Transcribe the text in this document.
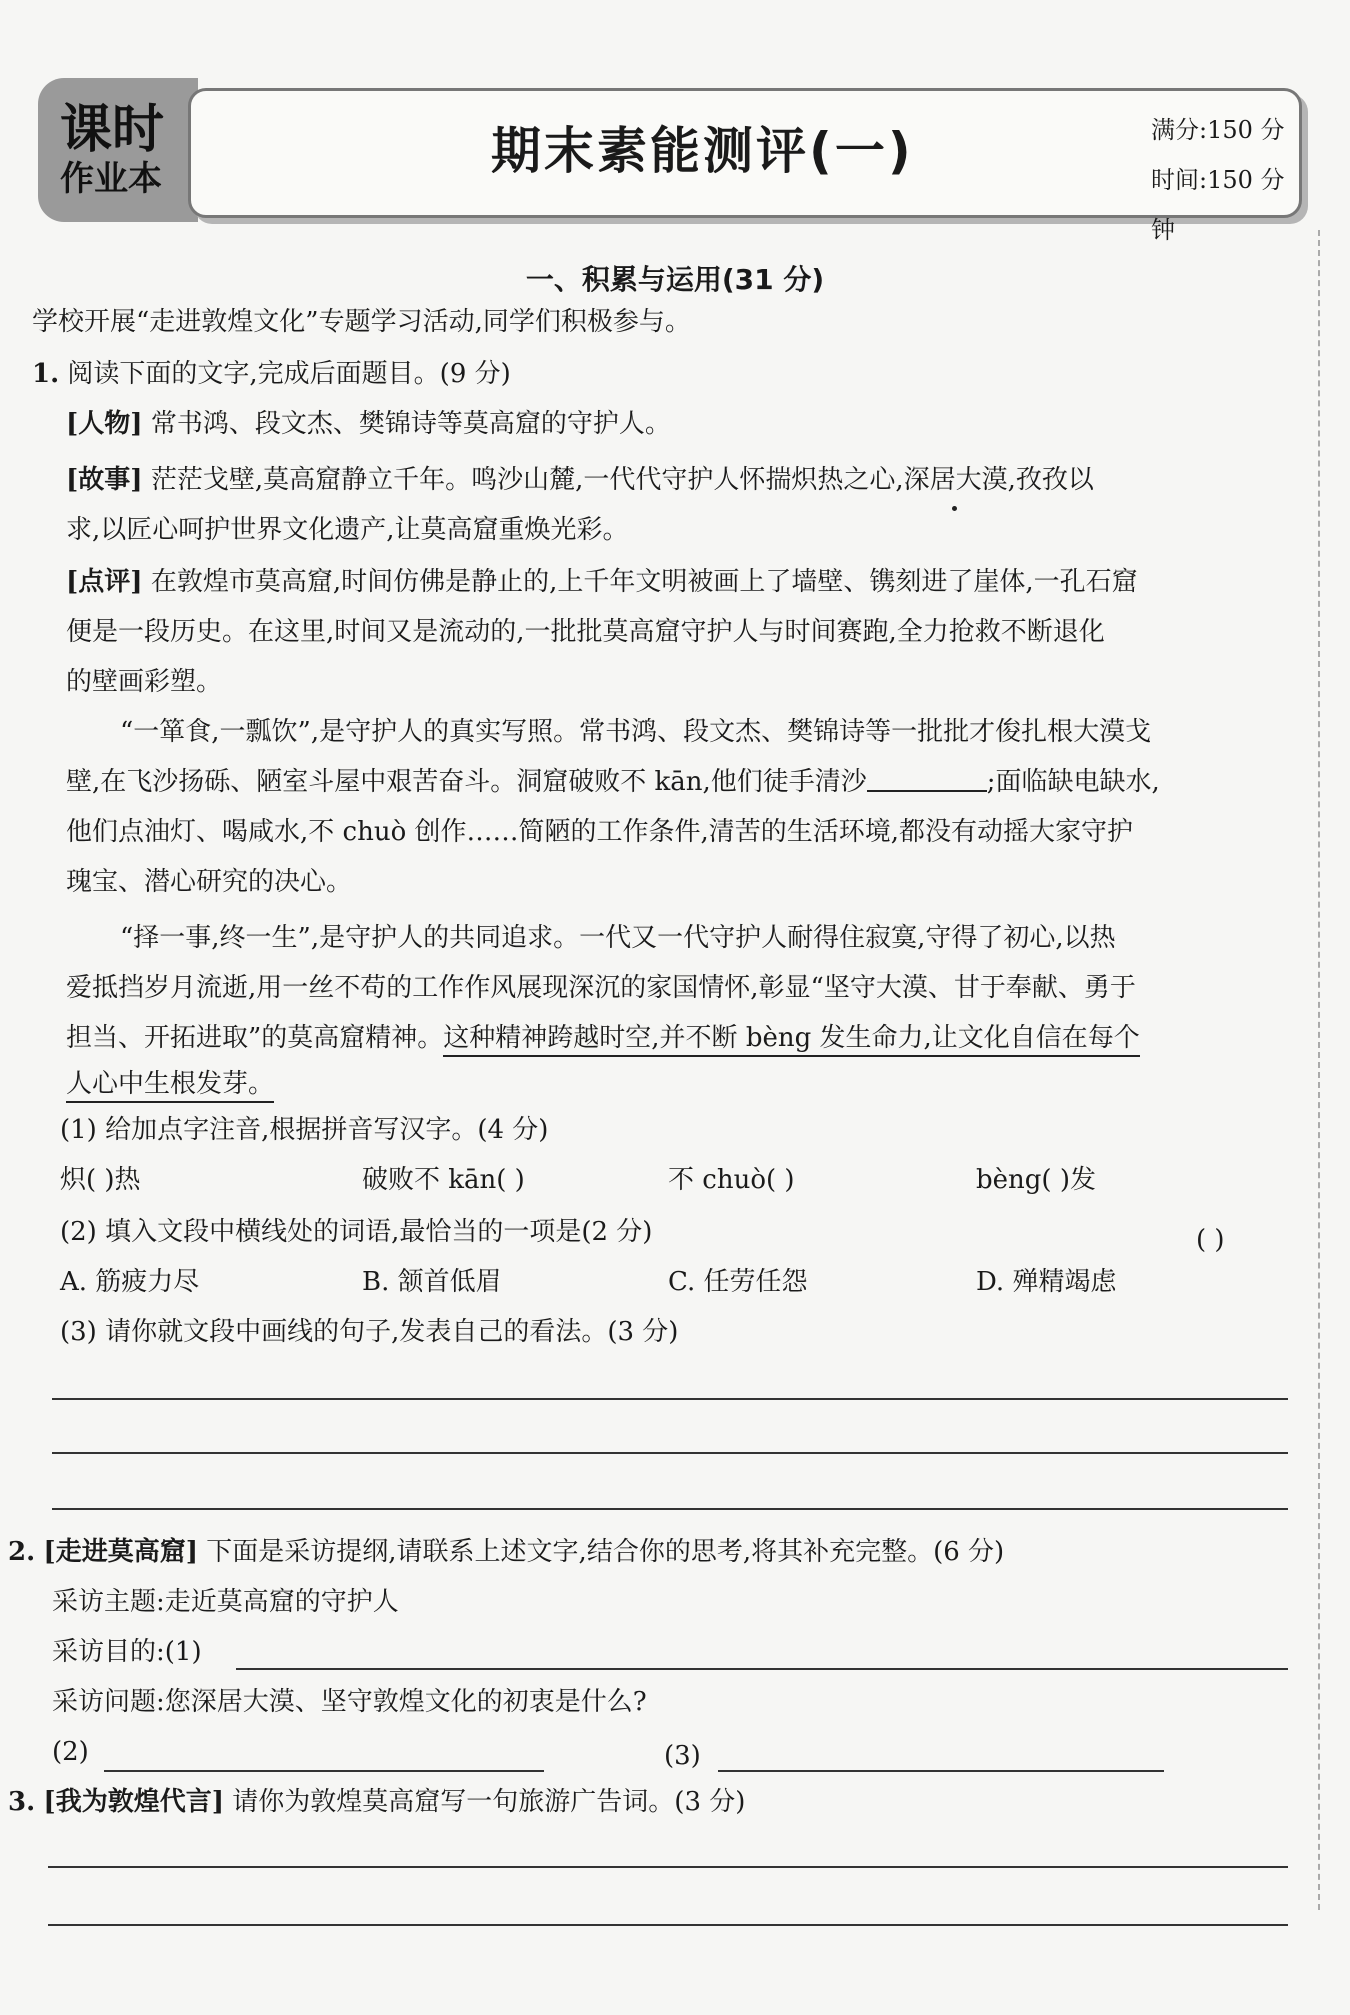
课时
作业本	期末素能测评(一)	满分:150 分
时间:150 分钟
一、积累与运用(31 分)
学校开展“走进敦煌文化”专题学习活动,同学们积极参与。
1. 阅读下面的文字,完成后面题目。(9 分)
[人物] 常书鸿、段文杰、樊锦诗等莫高窟的守护人。
[故事] 茫茫戈壁,莫高窟静立千年。鸣沙山麓,一代代守护人怀揣炽热之心,深居大漠,孜孜以
求,以匠心呵护世界文化遗产,让莫高窟重焕光彩。
[点评] 在敦煌市莫高窟,时间仿佛是静止的,上千年文明被画上了墙壁、镌刻进了崖体,一孔石窟
便是一段历史。在这里,时间又是流动的,一批批莫高窟守护人与时间赛跑,全力抢救不断退化
的壁画彩塑。
“一箪食,一瓢饮”,是守护人的真实写照。常书鸿、段文杰、樊锦诗等一批批才俊扎根大漠戈
壁,在飞沙扬砾、陋室斗屋中艰苦奋斗。洞窟破败不 kān,他们徒手清沙	;面临缺电缺水,
他们点油灯、喝咸水,不 chuò 创作……简陋的工作条件,清苦的生活环境,都没有动摇大家守护
瑰宝、潜心研究的决心。
“择一事,终一生”,是守护人的共同追求。一代又一代守护人耐得住寂寞,守得了初心,以热
爱抵挡岁月流逝,用一丝不苟的工作作风展现深沉的家国情怀,彰显“坚守大漠、甘于奉献、勇于
担当、开拓进取”的莫高窟精神。这种精神跨越时空,并不断 bèng 发生命力,让文化自信在每个
人心中生根发芽。
(1) 给加点字注音,根据拼音写汉字。(4 分)
炽( )热	破败不 kān( )	不 chuò( )	bèng( )发
(2) 填入文段中横线处的词语,最恰当的一项是(2 分)	( )
A. 筋疲力尽	B. 颔首低眉	C. 任劳任怨	D. 殚精竭虑
(3) 请你就文段中画线的句子,发表自己的看法。(3 分)
2. [走进莫高窟] 下面是采访提纲,请联系上述文字,结合你的思考,将其补充完整。(6 分)
采访主题:走近莫高窟的守护人
采访目的:(1)
采访问题:您深居大漠、坚守敦煌文化的初衷是什么?
(2)	(3)
3. [我为敦煌代言] 请你为敦煌莫高窟写一句旅游广告词。(3 分)
